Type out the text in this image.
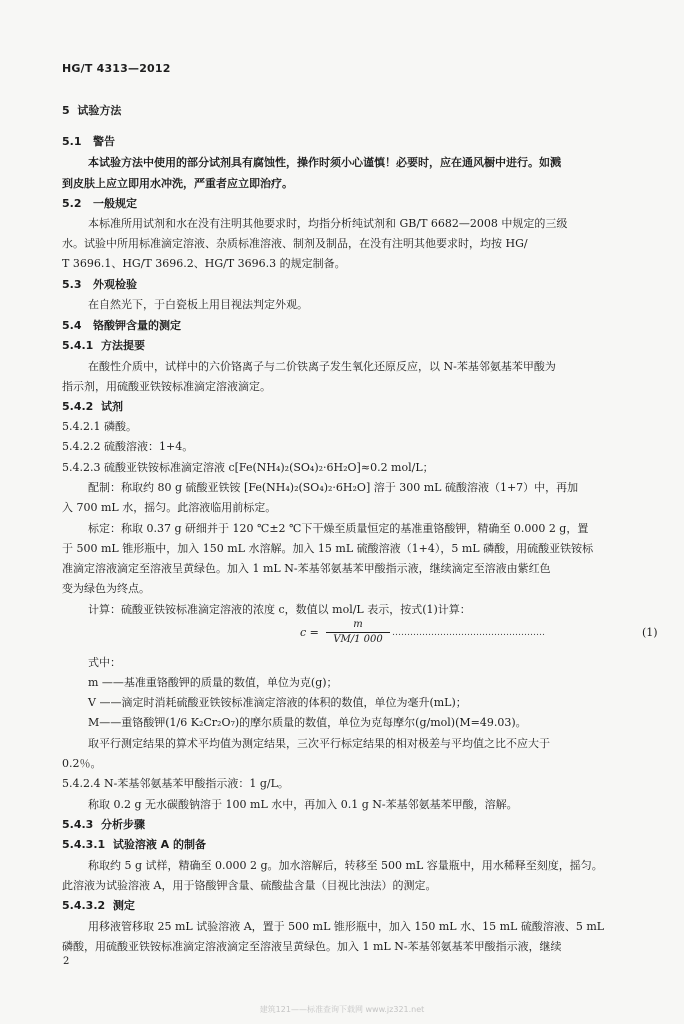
HG/T 4313—2012
5 试验方法
5.1 警告
本试验方法中使用的部分试剂具有腐蚀性，操作时须小心谨慎！必要时，应在通风橱中进行。如溅
到皮肤上应立即用水冲洗，严重者应立即治疗。
5.2 一般规定
本标准所用试剂和水在没有注明其他要求时，均指分析纯试剂和 GB/T 6682—2008 中规定的三级
水。试验中所用标准滴定溶液、杂质标准溶液、制剂及制品，在没有注明其他要求时，均按 HG/
T 3696.1、HG/T 3696.2、HG/T 3696.3 的规定制备。
5.3 外观检验
在自然光下，于白瓷板上用目视法判定外观。
5.4 铬酸钾含量的测定
5.4.1 方法提要
在酸性介质中，试样中的六价铬离子与二价铁离子发生氧化还原反应，以 N-苯基邻氨基苯甲酸为
指示剂，用硫酸亚铁铵标准滴定溶液滴定。
5.4.2 试剂
5.4.2.1 磷酸。
5.4.2.2 硫酸溶液：1+4。
5.4.2.3 硫酸亚铁铵标准滴定溶液 c[Fe(NH₄)₂(SO₄)₂·6H₂O]≈0.2 mol/L；
配制：称取约 80 g 硫酸亚铁铵 [Fe(NH₄)₂(SO₄)₂·6H₂O] 溶于 300 mL 硫酸溶液（1+7）中，再加
入 700 mL 水，摇匀。此溶液临用前标定。
标定：称取 0.37 g 研细并于 120 ℃±2 ℃下干燥至质量恒定的基准重铬酸钾，精确至 0.000 2 g，置
于 500 mL 锥形瓶中，加入 150 mL 水溶解。加入 15 mL 硫酸溶液（1+4），5 mL 磷酸，用硫酸亚铁铵标
准滴定溶液滴定至溶液呈黄绿色。加入 1 mL N-苯基邻氨基苯甲酸指示液，继续滴定至溶液由紫红色
变为绿色为终点。
计算：硫酸亚铁铵标准滴定溶液的浓度 c，数值以 mol/L 表示，按式(1)计算：
c =
m
VM/1 000
……………………………………………	(1)
式中：
m ——基准重铬酸钾的质量的数值，单位为克(g)；
V ——滴定时消耗硫酸亚铁铵标准滴定溶液的体积的数值，单位为毫升(mL)；
M——重铬酸钾(1/6 K₂Cr₂O₇)的摩尔质量的数值，单位为克每摩尔(g/mol)(M=49.03)。
取平行测定结果的算术平均值为测定结果，三次平行标定结果的相对极差与平均值之比不应大于
0.2％。
5.4.2.4 N-苯基邻氨基苯甲酸指示液：1 g/L。
称取 0.2 g 无水碳酸钠溶于 100 mL 水中，再加入 0.1 g N-苯基邻氨基苯甲酸，溶解。
5.4.3 分析步骤
5.4.3.1 试验溶液 A 的制备
称取约 5 g 试样，精确至 0.000 2 g。加水溶解后，转移至 500 mL 容量瓶中，用水稀释至刻度，摇匀。
此溶液为试验溶液 A，用于铬酸钾含量、硫酸盐含量（目视比浊法）的测定。
5.4.3.2 测定
用移液管移取 25 mL 试验溶液 A，置于 500 mL 锥形瓶中，加入 150 mL 水、15 mL 硫酸溶液、5 mL
磷酸，用硫酸亚铁铵标准滴定溶液滴定至溶液呈黄绿色。加入 1 mL N-苯基邻氨基苯甲酸指示液，继续
2
建筑121——标准查询下载网 www.jz321.net
